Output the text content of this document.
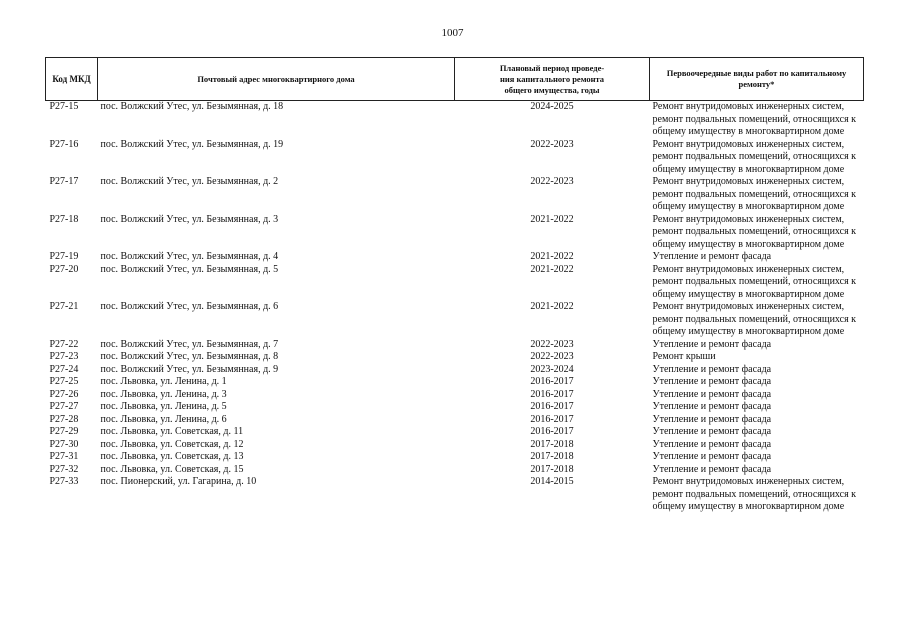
1007
Код МКД	Почтовый адрес многоквартирного дома	Плановый период проведе-
ния капитального ремонта
общего имущества, годы	Первоочередные виды работ по капитальному
ремонту*

Р27-15	пос. Волжский Утес, ул. Безымянная, д. 18	2024-2025	Ремонт внутридомовых инженерных систем,
ремонт подвальных помещений, относящихся к
общему имуществу в многоквартирном доме

Р27-16	пос. Волжский Утес, ул. Безымянная, д. 19	2022-2023	Ремонт внутридомовых инженерных систем,
ремонт подвальных помещений, относящихся к
общему имуществу в многоквартирном доме

Р27-17	пос. Волжский Утес, ул. Безымянная, д. 2	2022-2023	Ремонт внутридомовых инженерных систем,
ремонт подвальных помещений, относящихся к
общему имуществу в многоквартирном доме

Р27-18	пос. Волжский Утес, ул. Безымянная, д. 3	2021-2022	Ремонт внутридомовых инженерных систем,
ремонт подвальных помещений, относящихся к
общему имуществу в многоквартирном доме

Р27-19	пос. Волжский Утес, ул. Безымянная, д. 4	2021-2022	Утепление и ремонт фасада

Р27-20	пос. Волжский Утес, ул. Безымянная, д. 5	2021-2022	Ремонт внутридомовых инженерных систем,
ремонт подвальных помещений, относящихся к
общему имуществу в многоквартирном доме

Р27-21	пос. Волжский Утес, ул. Безымянная, д. 6	2021-2022	Ремонт внутридомовых инженерных систем,
ремонт подвальных помещений, относящихся к
общему имуществу в многоквартирном доме

Р27-22	пос. Волжский Утес, ул. Безымянная, д. 7	2022-2023	Утепление и ремонт фасада

Р27-23	пос. Волжский Утес, ул. Безымянная, д. 8	2022-2023	Ремонт крыши

Р27-24	пос. Волжский Утес, ул. Безымянная, д. 9	2023-2024	Утепление и ремонт фасада

Р27-25	пос. Львовка, ул. Ленина, д. 1	2016-2017	Утепление и ремонт фасада

Р27-26	пос. Львовка, ул. Ленина, д. 3	2016-2017	Утепление и ремонт фасада

Р27-27	пос. Львовка, ул. Ленина, д. 5	2016-2017	Утепление и ремонт фасада

Р27-28	пос. Львовка, ул. Ленина, д. 6	2016-2017	Утепление и ремонт фасада

Р27-29	пос. Львовка, ул. Советская, д. 11	2016-2017	Утепление и ремонт фасада

Р27-30	пос. Львовка, ул. Советская, д. 12	2017-2018	Утепление и ремонт фасада

Р27-31	пос. Львовка, ул. Советская, д. 13	2017-2018	Утепление и ремонт фасада

Р27-32	пос. Львовка, ул. Советская, д. 15	2017-2018	Утепление и ремонт фасада

Р27-33	пос. Пионерский, ул. Гагарина, д. 10	2014-2015	Ремонт внутридомовых инженерных систем,
ремонт подвальных помещений, относящихся к
общему имуществу в многоквартирном доме
